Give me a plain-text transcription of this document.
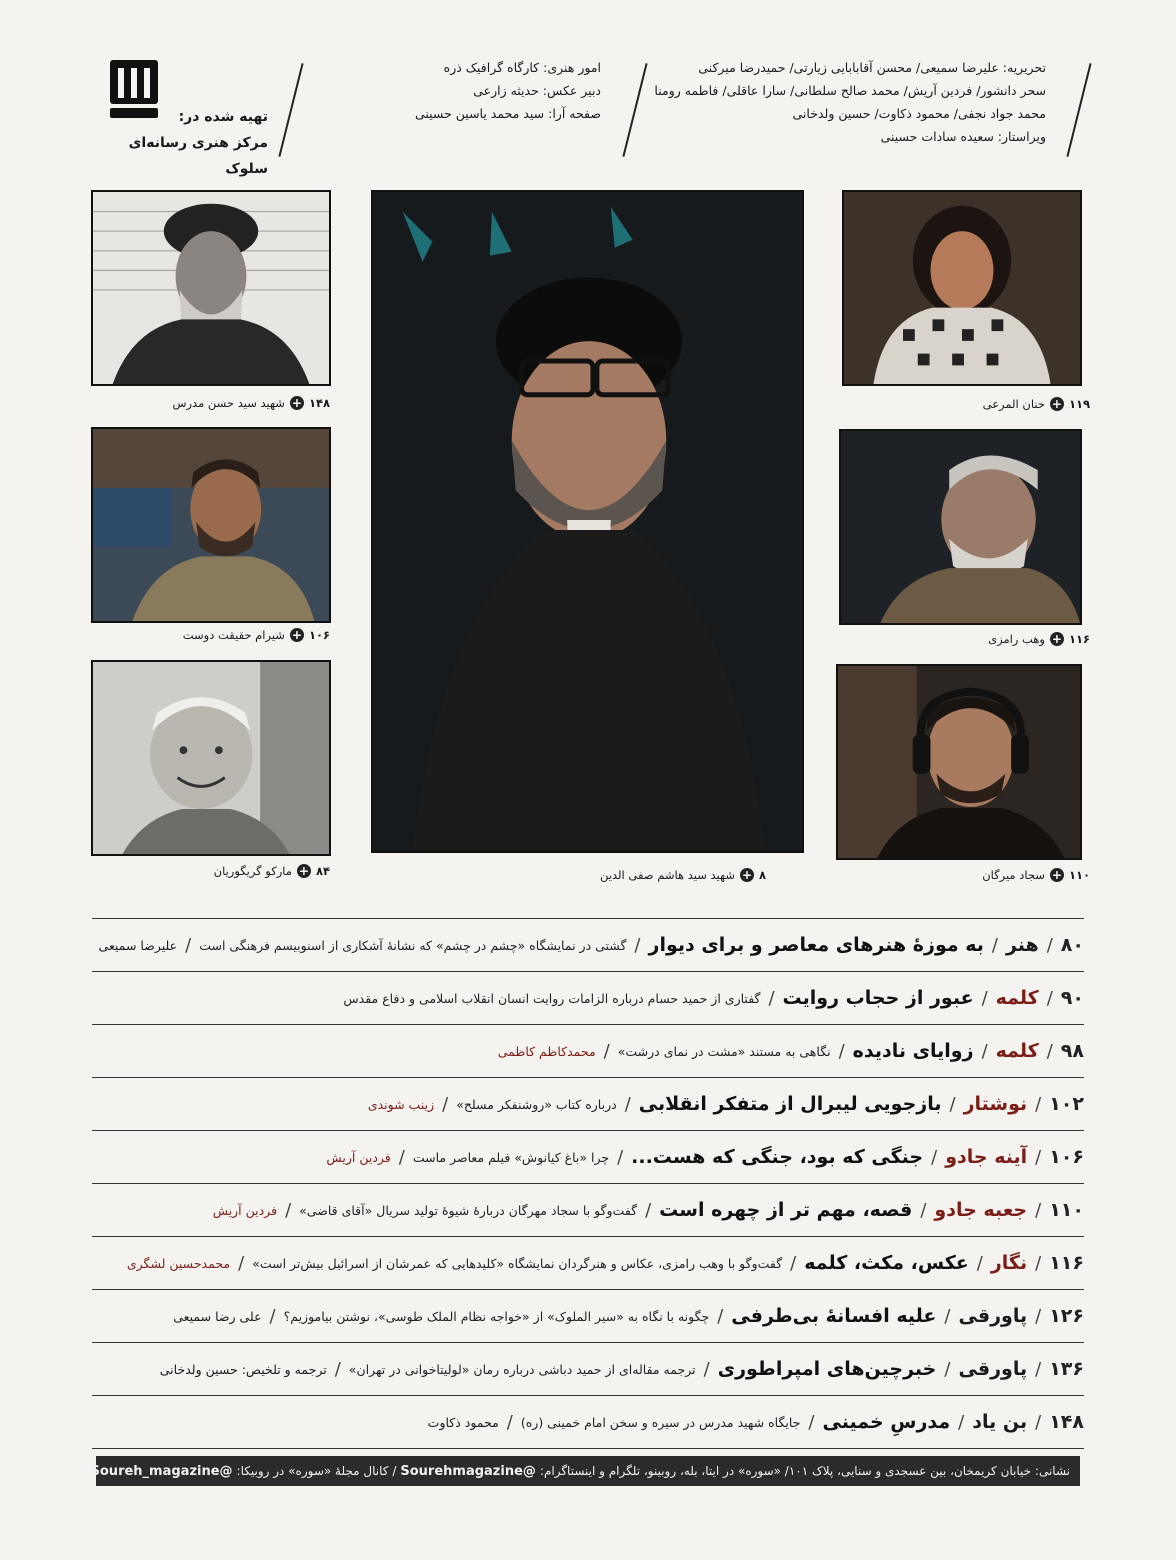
تحریریه: علیرضا سمیعی/ محسن آقابابایی زیارتی/ حمیدرضا میرکنی
سحر دانشور/ فردین آریش/ محمد صالح سلطانی/ سارا عاقلی/ فاطمه رومنا
محمد جواد نجفی/ محمود ذکاوت/ حسین ولدخانی
ویراستار: سعیده سادات حسینی
امور هنری: کارگاه گرافیک ذره
دبیر عکس: حدیثه زارعی
صفحه آرا: سید محمد یاسین حسینی
تهیه شده در:
مرکز هنری رسانه‌ای سلوک
۱۴۸
+
شهید سید حسن مدرس
۱۰۶
+
شیرام حقیقت دوست
۸۴
+
مارکو گریگوریان	۸
+
شهید سید هاشم صفی الدین
۱۱۹
+
حنان المرعی
۱۱۶
+
وهب رامزی
۱۱۰
+
سجاد میرگان
۸۰
/
هنر
/
به موزهٔ هنرهای معاصر و برای دیوار
/
گشتی در نمایشگاه «چشم در چشم» که نشانهٔ آشکاری از اسنوبیسم فرهنگی است
/
علیرضا سمیعی
۹۰
/
کلمه
/
عبور از حجاب روایت
/
گفتاری از حمید حسام درباره الزامات روایت انسان انقلاب اسلامی و دفاع مقدس
۹۸
/
کلمه
/
زوایای نادیده
/
نگاهی به مستند «مشت در نمای درشت»
/
محمدکاظم کاظمی
۱۰۲
/
نوشتار
/
بازجویی لیبرال از متفکر انقلابی
/
درباره کتاب «روشنفکر مسلح»
/
زینب شوندی
۱۰۶
/
آینه جادو
/
جنگی که بود، جنگی که هست...
/
چرا «باغ کیانوش» فیلم معاصر ماست
/
فردین آریش
۱۱۰
/
جعبه جادو
/
قصه، مهم تر از چهره است
/
گفت‌وگو با سجاد مهرگان دربارهٔ شیوهٔ تولید سریال «آقای قاضی»
/
فردین آریش
۱۱۶
/
نگار
/
عکس، مکث، کلمه
/
گفت‌وگو با وهب رامزی، عکاس و هنرگردان نمایشگاه «کلیدهایی که عمرشان از اسرائیل بیش‌تر است»
/
محمدحسین لشگری
۱۲۶
/
پاورقی
/
علیه افسانهٔ بی‌طرفی
/
چگونه با نگاه به «سیر الملوک» از «خواجه نظام الملک طوسی»، نوشتن بیاموزیم؟
/
علی رضا سمیعی
۱۳۶
/
پاورقی
/
خبرچین‌های امپراطوری
/
ترجمه مقاله‌ای از حمید دباشی درباره رمان «لولیتاخوانی در تهران»
/
ترجمه و تلخیص: حسین ولدخانی
۱۴۸
/
بن یاد
/
مدرسِ خمینی
/
جایگاه شهید مدرس در سیره و سخن امام خمینی (ره)
/
محمود ذکاوت
نشانی: خیابان کریمخان، بین عسجدی و سنایی، پلاک ۱۰۱/ «سوره» در ایتا، بله، روبینو، تلگرام و اینستاگرام:
@Sourehmagazine
/ کانال مجلهٔ «سوره» در روبیکا:
@Soureh_magazine
